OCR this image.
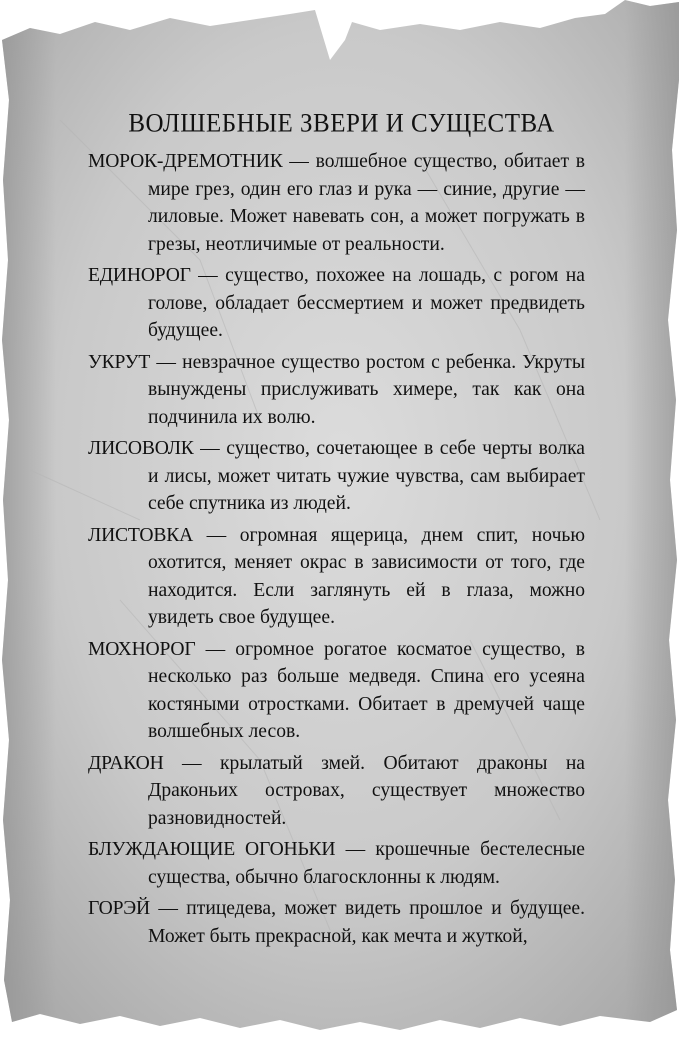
ВОЛШЕБНЫЕ ЗВЕРИ И СУЩЕСТВА

МОРОК-ДРЕМОТНИК — волшебное существо, обитает в мире грез, один его глаз и рука — синие, другие — лиловые. Может навевать сон, а может погружать в грезы, неотличимые от реальности.

ЕДИНОРОГ — существо, похожее на лошадь, с рогом на голове, обладает бессмертием и может предвидеть будущее.

УКРУТ — невзрачное существо ростом с ребенка. Укруты вынуждены прислуживать химере, так как она подчинила их волю.

ЛИСОВОЛК — существо, сочетающее в себе черты волка и лисы, может читать чужие чувства, сам выбирает себе спутника из людей.

ЛИСТОВКА — огромная ящерица, днем спит, ночью охотится, меняет окрас в зависимости от того, где находится. Если заглянуть ей в глаза, можно увидеть свое будущее.

МОХНОРОГ — огромное рогатое косматое существо, в несколько раз больше медведя. Спина его усеяна костяными отростками. Обитает в дремучей чаще волшебных лесов.

ДРАКОН — крылатый змей. Обитают драконы на Драконьих островах, существует множество разновидностей.

БЛУЖДАЮЩИЕ ОГОНЬКИ — крошечные бестелесные существа, обычно благосклонны к людям.

ГОРЭЙ — птицедева, может видеть прошлое и будущее. Может быть прекрасной, как мечта и жуткой,
